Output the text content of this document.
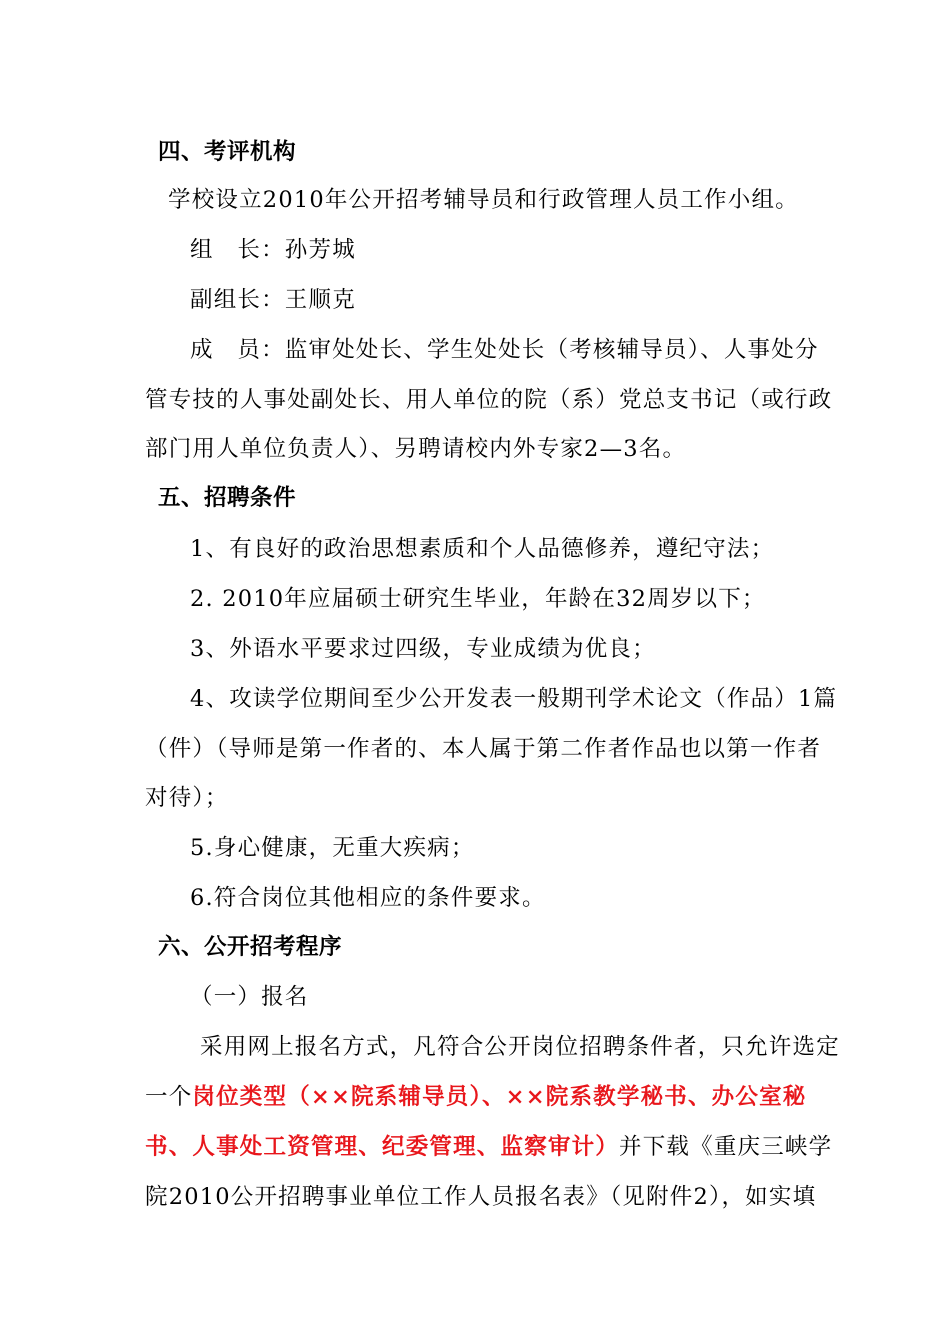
四、考评机构
学校设立2010年公开招考辅导员和行政管理人员工作小组。
组　长：孙芳城
副组长：王顺克
成　员：监审处处长、学生处处长（考核辅导员）、人事处分
管专技的人事处副处长、用人单位的院（系）党总支书记（或行政
部门用人单位负责人）、另聘请校内外专家2—3名。
五、招聘条件
1、有良好的政治思想素质和个人品德修养，遵纪守法；
2. 2010年应届硕士研究生毕业，年龄在32周岁以下；
3、外语水平要求过四级，专业成绩为优良；
4、攻读学位期间至少公开发表一般期刊学术论文（作品）1篇
（件）（导师是第一作者的、本人属于第二作者作品也以第一作者
对待）；
5.身心健康，无重大疾病；
6.符合岗位其他相应的条件要求。
六、公开招考程序
（一）报名
采用网上报名方式，凡符合公开岗位招聘条件者，只允许选定
一个岗位类型（××院系辅导员）、××院系教学秘书、办公室秘
书、人事处工资管理、纪委管理、监察审计）并下载《重庆三峡学
院2010公开招聘事业单位工作人员报名表》（见附件2），如实填
